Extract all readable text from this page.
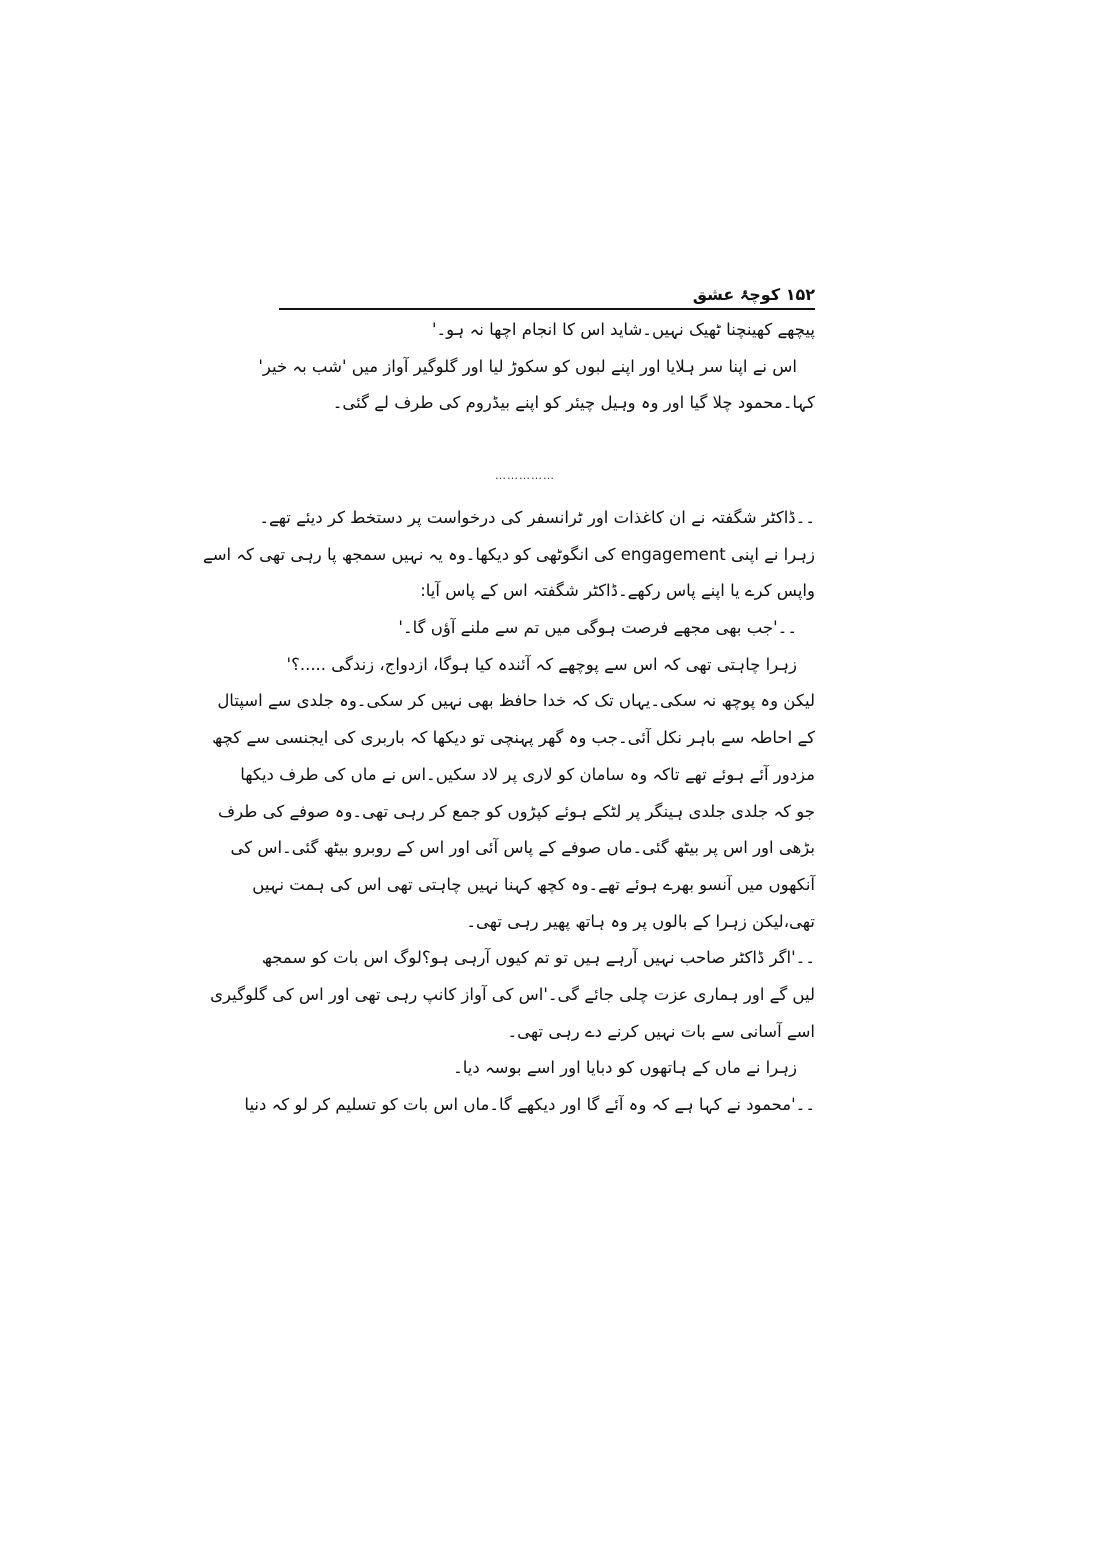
۱۵۲ کوچۂ عشق
پیچھے کھینچنا ٹھیک نہیں۔شاید اس کا انجام اچھا نہ ہو۔'
اس نے اپنا سر ہلایا اور اپنے لبوں کو سکوڑ لیا اور گلوگیر آواز میں 'شب بہ خیر'
کہا۔محمود چلا گیا اور وہ وہیل چیئر کو اپنے بیڈروم کی طرف لے گئی۔
……………
۔۔ڈاکٹر شگفتہ نے ان کاغذات اور ٹرانسفر کی درخواست پر دستخط کر دیئے تھے۔
زہرا نے اپنی engagement کی انگوٹھی کو دیکھا۔وہ یہ نہیں سمجھ پا رہی تھی کہ اسے
واپس کرے یا اپنے پاس رکھے۔ڈاکٹر شگفتہ اس کے پاس آیا:
۔۔'جب بھی مجھے فرصت ہوگی میں تم سے ملنے آؤں گا۔'
زہرا چاہتی تھی کہ اس سے پوچھے کہ آئندہ کیا ہوگا، ازدواج، زندگی .....؟'
لیکن وہ پوچھ نہ سکی۔یہاں تک کہ خدا حافظ بھی نہیں کر سکی۔وہ جلدی سے اسپتال
کے احاطہ سے باہر نکل آئی۔جب وہ گھر پہنچی تو دیکھا کہ باربری کی ایجنسی سے کچھ
مزدور آئے ہوئے تھے تاکہ وہ سامان کو لاری پر لاد سکیں۔اس نے ماں کی طرف دیکھا
جو کہ جلدی جلدی ہینگر پر لٹکے ہوئے کپڑوں کو جمع کر رہی تھی۔وہ صوفے کی طرف
بڑھی اور اس پر بیٹھ گئی۔ماں صوفے کے پاس آئی اور اس کے روبرو بیٹھ گئی۔اس کی
آنکھوں میں آنسو بھرے ہوئے تھے۔وہ کچھ کہنا نہیں چاہتی تھی اس کی ہمت نہیں
تھی،لیکن زہرا کے بالوں پر وہ ہاتھ پھیر رہی تھی۔
۔۔'اگر ڈاکٹر صاحب نہیں آرہے ہیں تو تم کیوں آرہی ہو؟لوگ اس بات کو سمجھ
لیں گے اور ہماری عزت چلی جائے گی۔'اس کی آواز کانپ رہی تھی اور اس کی گلوگیری
اسے آسانی سے بات نہیں کرنے دے رہی تھی۔
زہرا نے ماں کے ہاتھوں کو دبایا اور اسے بوسہ دیا۔
۔۔'محمود نے کہا ہے کہ وہ آئے گا اور دیکھے گا۔ماں اس بات کو تسلیم کر لو کہ دنیا
